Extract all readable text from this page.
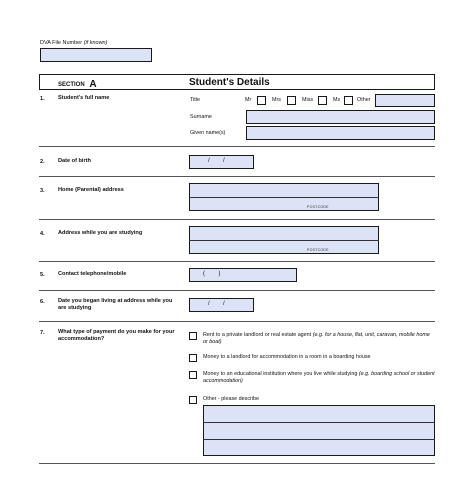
DVA File Number (if known)
SECTION A	Student's Details
1. Student's full name	Title	Mr	Mrs	Miss	Ms	Other
Surname
Given name(s)
2. Date of birth	/        /
3. Home (Parental) address
POSTCODE
4. Address while you are studying
POSTCODE
5. Contact telephone/mobile	(        )
6. Date you began living at address while you are studying
/        /
7. What type of payment do you make for your accommodation?
Rent to a private landlord or real estate agent (e.g. for a house, flat, unit, caravan, mobile home or boat)
Money to a landlord for accommodation in a room in a boarding house
Money to an educational institution where you live while studying (e.g. boarding school or student accommodation)
Other - please describe
